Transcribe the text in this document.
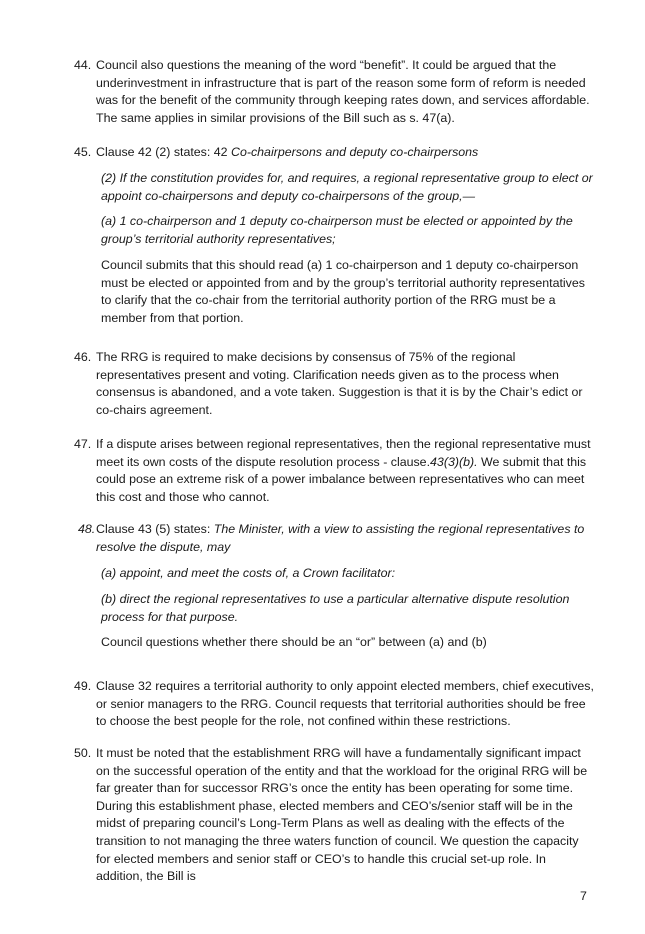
44. Council also questions the meaning of the word “benefit”. It could be argued that the underinvestment in infrastructure that is part of the reason some form of reform is needed was for the benefit of the community through keeping rates down, and services affordable. The same applies in similar provisions of the Bill such as s. 47(a).

45. Clause 42 (2) states: 42 Co-chairpersons and deputy co-chairpersons

(2) If the constitution provides for, and requires, a regional representative group to elect or appoint co-chairpersons and deputy co-chairpersons of the group,—

(a) 1 co-chairperson and 1 deputy co-chairperson must be elected or appointed by the group’s territorial authority representatives;

Council submits that this should read (a) 1 co-chairperson and 1 deputy co-chairperson must be elected or appointed from and by the group’s territorial authority representatives to clarify that the co-chair from the territorial authority portion of the RRG must be a member from that portion.

46. The RRG is required to make decisions by consensus of 75% of the regional representatives present and voting. Clarification needs given as to the process when consensus is abandoned, and a vote taken. Suggestion is that it is by the Chair’s edict or co-chairs agreement.

47. If a dispute arises between regional representatives, then the regional representative must meet its own costs of the dispute resolution process - clause.43(3)(b). We submit that this could pose an extreme risk of a power imbalance between representatives who can meet this cost and those who cannot.

48. Clause 43 (5) states: The Minister, with a view to assisting the regional representatives to resolve the dispute, may

(a) appoint, and meet the costs of, a Crown facilitator:

(b) direct the regional representatives to use a particular alternative dispute resolution process for that purpose.

Council questions whether there should be an “or” between (a) and (b)

49. Clause 32 requires a territorial authority to only appoint elected members, chief executives, or senior managers to the RRG. Council requests that territorial authorities should be free to choose the best people for the role, not confined within these restrictions.

50. It must be noted that the establishment RRG will have a fundamentally significant impact on the successful operation of the entity and that the workload for the original RRG will be far greater than for successor RRG’s once the entity has been operating for some time. During this establishment phase, elected members and CEO’s/senior staff will be in the midst of preparing council’s Long-Term Plans as well as dealing with the effects of the transition to not managing the three waters function of council. We question the capacity for elected members and senior staff or CEO’s to handle this crucial set-up role. In addition, the Bill is

7
